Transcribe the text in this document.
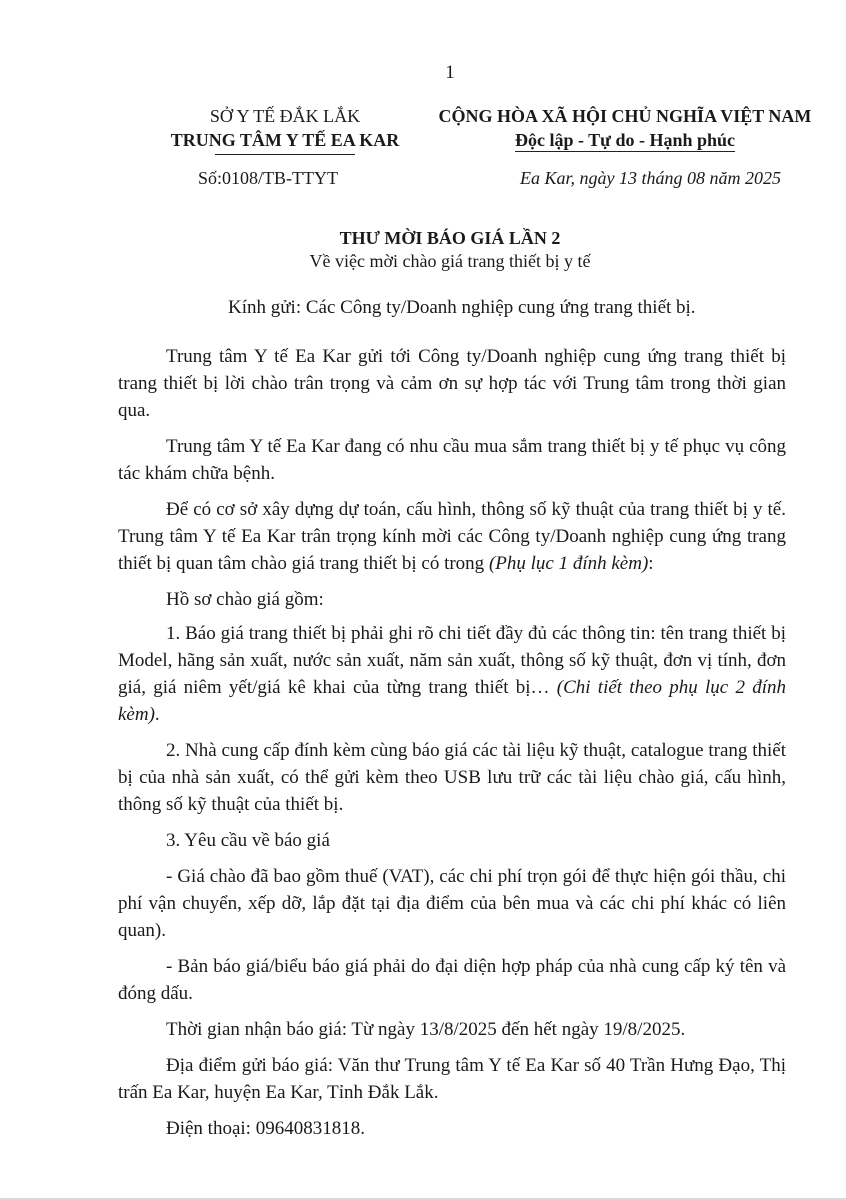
1
SỞ Y TẾ ĐẮK LẮK
TRUNG TÂM Y TẾ EA KAR
CỘNG HÒA XÃ HỘI CHỦ NGHĨA VIỆT NAM
Độc lập - Tự do - Hạnh phúc
Số:0108/TB-TTYT	Ea Kar, ngày 13 tháng 08 năm 2025
THƯ MỜI BÁO GIÁ LẦN 2
Về việc mời chào giá trang thiết bị y tế
Kính gửi: Các Công ty/Doanh nghiệp cung ứng trang thiết bị.

Trung tâm Y tế Ea Kar gửi tới Công ty/Doanh nghiệp cung ứng trang thiết bị trang thiết bị lời chào trân trọng và cảm ơn sự hợp tác với Trung tâm trong thời gian qua.

Trung tâm Y tế Ea Kar đang có nhu cầu mua sắm trang thiết bị y tế phục vụ công tác khám chữa bệnh.

Để có cơ sở xây dựng dự toán, cấu hình, thông số kỹ thuật của trang thiết bị y tế. Trung tâm Y tế Ea Kar trân trọng kính mời các Công ty/Doanh nghiệp cung ứng trang thiết bị quan tâm chào giá trang thiết bị có trong (Phụ lục 1 đính kèm):

Hồ sơ chào giá gồm:

1. Báo giá trang thiết bị phải ghi rõ chi tiết đầy đủ các thông tin: tên trang thiết bị Model, hãng sản xuất, nước sản xuất, năm sản xuất, thông số kỹ thuật, đơn vị tính, đơn giá, giá niêm yết/giá kê khai của từng trang thiết bị… (Chi tiết theo phụ lục 2 đính kèm).

2. Nhà cung cấp đính kèm cùng báo giá các tài liệu kỹ thuật, catalogue trang thiết bị của nhà sản xuất, có thể gửi kèm theo USB lưu trữ các tài liệu chào giá, cấu hình, thông số kỹ thuật của thiết bị.

3. Yêu cầu về báo giá

- Giá chào đã bao gồm thuế (VAT), các chi phí trọn gói để thực hiện gói thầu, chi phí vận chuyển, xếp dỡ, lắp đặt tại địa điểm của bên mua và các chi phí khác có liên quan).

- Bản báo giá/biểu báo giá phải do đại diện hợp pháp của nhà cung cấp ký tên và đóng dấu.

Thời gian nhận báo giá: Từ ngày 13/8/2025 đến hết ngày 19/8/2025.

Địa điểm gửi báo giá: Văn thư Trung tâm Y tế Ea Kar số 40 Trần Hưng Đạo, Thị trấn Ea Kar, huyện Ea Kar, Tỉnh Đắk Lắk.

Điện thoại: 09640831818.
